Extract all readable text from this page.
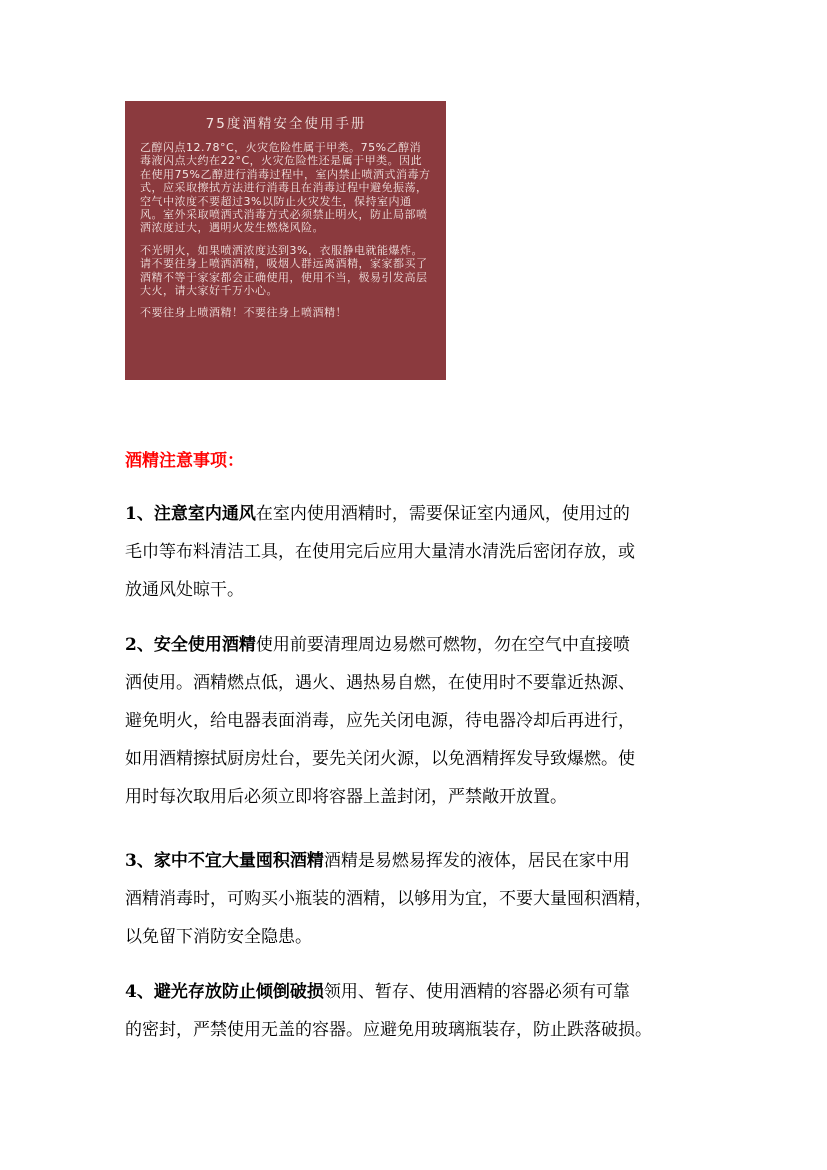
75度酒精安全使用手册

乙醇闪点12.78°C，火灾危险性属于甲类。75%乙醇消毒液闪点大约在22°C，火灾危险性还是属于甲类。因此在使用75%乙醇进行消毒过程中，室内禁止喷洒式消毒方式，应采取擦拭方法进行消毒且在消毒过程中避免振荡，空气中浓度不要超过3%以防止火灾发生，保持室内通风。室外采取喷洒式消毒方式必须禁止明火，防止局部喷洒浓度过大，遇明火发生燃烧风险。

不光明火，如果喷洒浓度达到3%，衣服静电就能爆炸。请不要往身上喷洒酒精，吸烟人群远离酒精，家家都买了酒精不等于家家都会正确使用，使用不当，极易引发高层大火，请大家好千万小心。

不要往身上喷酒精！不要往身上喷酒精！

酒精注意事项：
1、注意室内通风在室内使用酒精时，需要保证室内通风，使用过的
毛巾等布料清洁工具，在使用完后应用大量清水清洗后密闭存放，或
放通风处晾干。
2、安全使用酒精使用前要清理周边易燃可燃物，勿在空气中直接喷
洒使用。酒精燃点低，遇火、遇热易自燃，在使用时不要靠近热源、
避免明火，给电器表面消毒，应先关闭电源，待电器冷却后再进行，
如用酒精擦拭厨房灶台，要先关闭火源，以免酒精挥发导致爆燃。使
用时每次取用后必须立即将容器上盖封闭，严禁敞开放置。
3、家中不宜大量囤积酒精酒精是易燃易挥发的液体，居民在家中用
酒精消毒时，可购买小瓶装的酒精，以够用为宜，不要大量囤积酒精，
以免留下消防安全隐患。
4、避光存放防止倾倒破损领用、暂存、使用酒精的容器必须有可靠
的密封，严禁使用无盖的容器。应避免用玻璃瓶装存，防止跌落破损。
